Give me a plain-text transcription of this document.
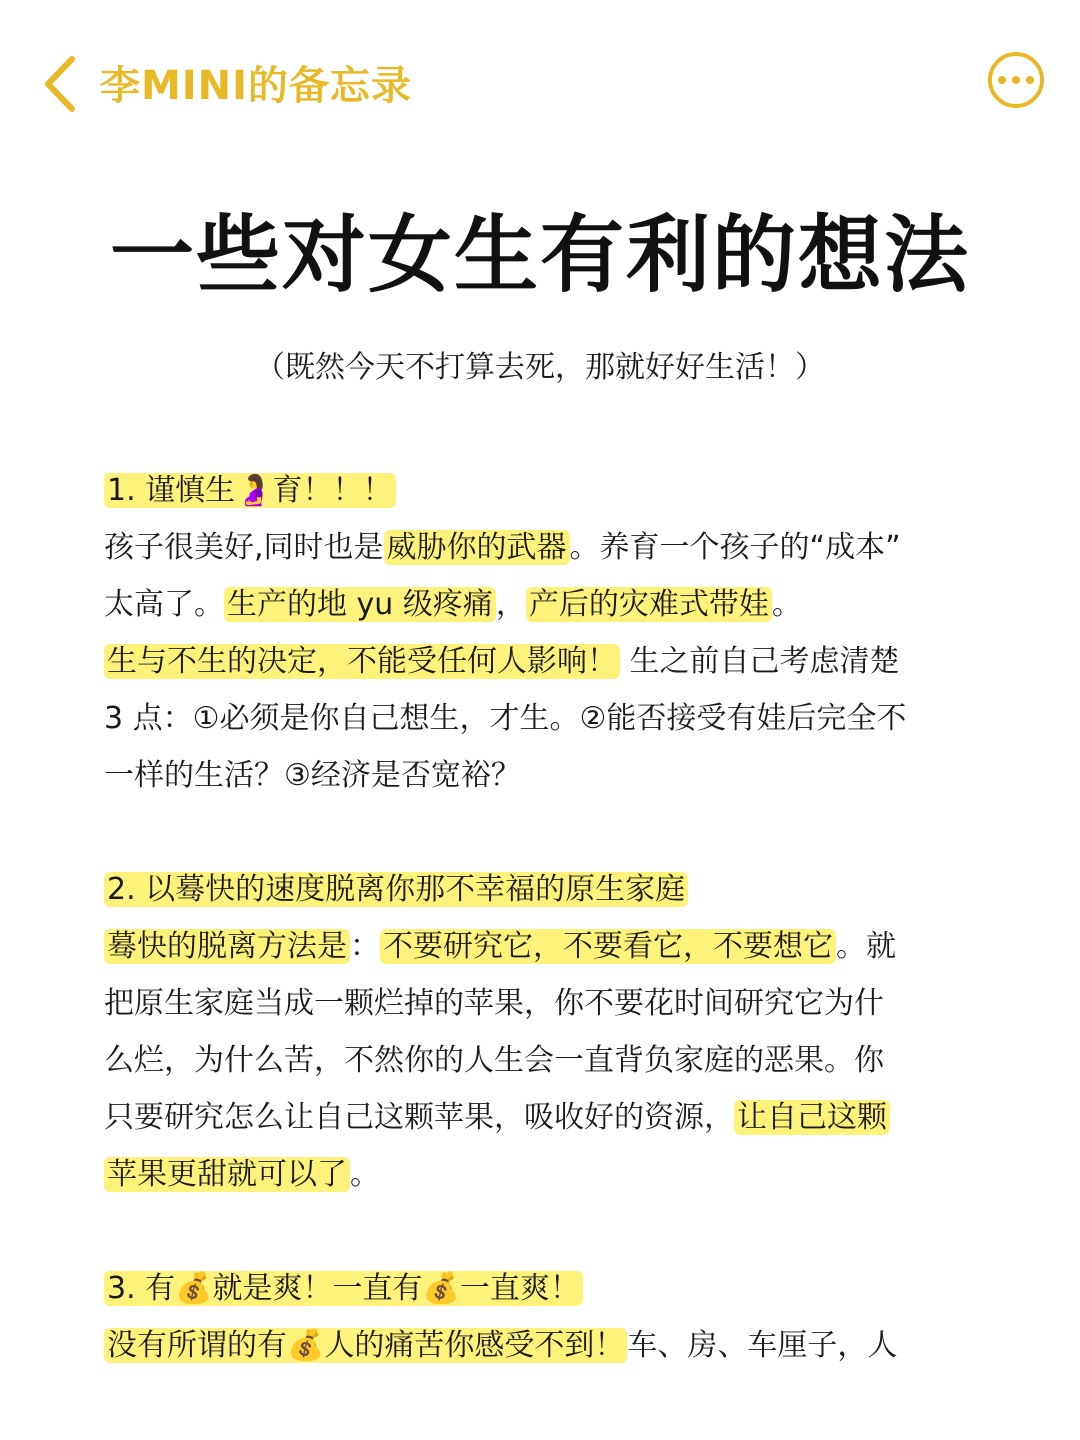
李MINI的备忘录
一些对女生有利的想法
（既然今天不打算去死，那就好好生活！）
1. 谨慎生🤰育！！！
孩子很美好,同时也是 威胁你的武器 。养育一个孩子的“成本”
太高了。 生产的地 yu 级疼痛 ， 产后的灾难式带娃 。
生与不生的决定，不能受任何人影响！ 生之前自己考虑清楚
3 点：①必须是你自己想生，才生。②能否接受有娃后完全不
一样的生活？③经济是否宽裕？
2. 以蓦快的速度脱离你那不幸福的原生家庭
蓦快的脱离方法是 ： 不要研究它，不要看它，不要想它 。就
把原生家庭当成一颗烂掉的苹果，你不要花时间研究它为什
么烂，为什么苦，不然你的人生会一直背负家庭的恶果。你
只要研究怎么让自己这颗苹果，吸收好的资源， 让自己这颗
苹果更甜就可以了 。
3. 有💰就是爽！一直有💰一直爽！
没有所谓的有💰人的痛苦你感受不到！ 车、房、车厘子，人
